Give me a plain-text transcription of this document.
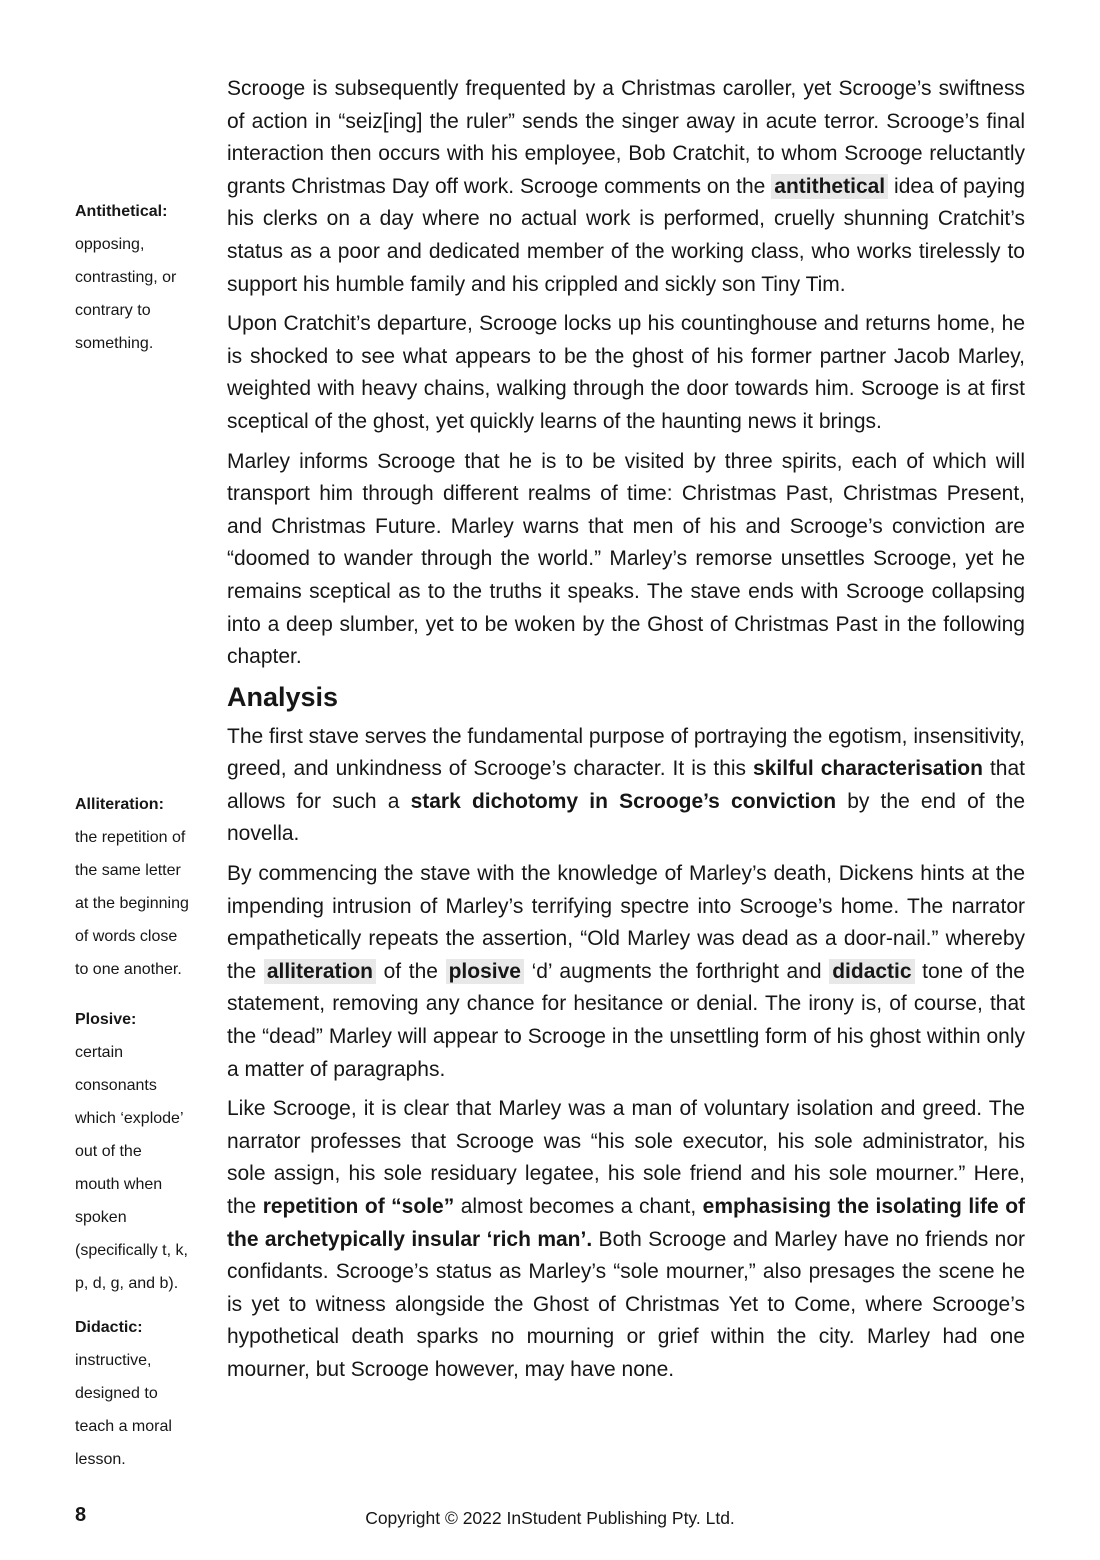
Antithetical:
opposing,
contrasting, or
contrary to
something.
Alliteration:
the repetition of
the same letter
at the beginning
of words close
to one another.
Plosive:
certain
consonants
which ‘explode’
out of the
mouth when
spoken
(specifically t, k,
p, d, g, and b).
Didactic:
instructive,
designed to
teach a moral
lesson.

Scrooge is subsequently frequented by a Christmas caroller, yet Scrooge’s swiftness of action in “seiz[ing] the ruler” sends the singer away in acute terror. Scrooge’s final interaction then occurs with his employee, Bob Cratchit, to whom Scrooge reluctantly grants Christmas Day off work. Scrooge comments on the antithetical idea of paying his clerks on a day where no actual work is performed, cruelly shunning Cratchit’s status as a poor and dedicated member of the working class, who works tirelessly to support his humble family and his crippled and sickly son Tiny Tim.

Upon Cratchit’s departure, Scrooge locks up his countinghouse and returns home, he is shocked to see what appears to be the ghost of his former partner Jacob Marley, weighted with heavy chains, walking through the door towards him. Scrooge is at first sceptical of the ghost, yet quickly learns of the haunting news it brings.

Marley informs Scrooge that he is to be visited by three spirits, each of which will transport him through different realms of time: Christmas Past, Christmas Present, and Christmas Future. Marley warns that men of his and Scrooge’s conviction are “doomed to wander through the world.” Marley’s remorse unsettles Scrooge, yet he remains sceptical as to the truths it speaks. The stave ends with Scrooge collapsing into a deep slumber, yet to be woken by the Ghost of Christmas Past in the following chapter.

Analysis

The first stave serves the fundamental purpose of portraying the egotism, insensitivity, greed, and unkindness of Scrooge’s character. It is this skilful characterisation that allows for such a stark dichotomy in Scrooge’s conviction by the end of the novella.

By commencing the stave with the knowledge of Marley’s death, Dickens hints at the impending intrusion of Marley’s terrifying spectre into Scrooge’s home. The narrator empathetically repeats the assertion, “Old Marley was dead as a door-nail.” whereby the alliteration of the plosive ‘d’ augments the forthright and didactic tone of the statement, removing any chance for hesitance or denial. The irony is, of course, that the “dead” Marley will appear to Scrooge in the unsettling form of his ghost within only a matter of paragraphs.

Like Scrooge, it is clear that Marley was a man of voluntary isolation and greed. The narrator professes that Scrooge was “his sole executor, his sole administrator, his sole assign, his sole residuary legatee, his sole friend and his sole mourner.” Here, the repetition of “sole” almost becomes a chant, emphasising the isolating life of the archetypically insular ‘rich man’. Both Scrooge and Marley have no friends nor confidants. Scrooge’s status as Marley’s “sole mourner,” also presages the scene he is yet to witness alongside the Ghost of Christmas Yet to Come, where Scrooge’s hypothetical death sparks no mourning or grief within the city. Marley had one mourner, but Scrooge however, may have none.

8	Copyright © 2022 InStudent Publishing Pty. Ltd.
